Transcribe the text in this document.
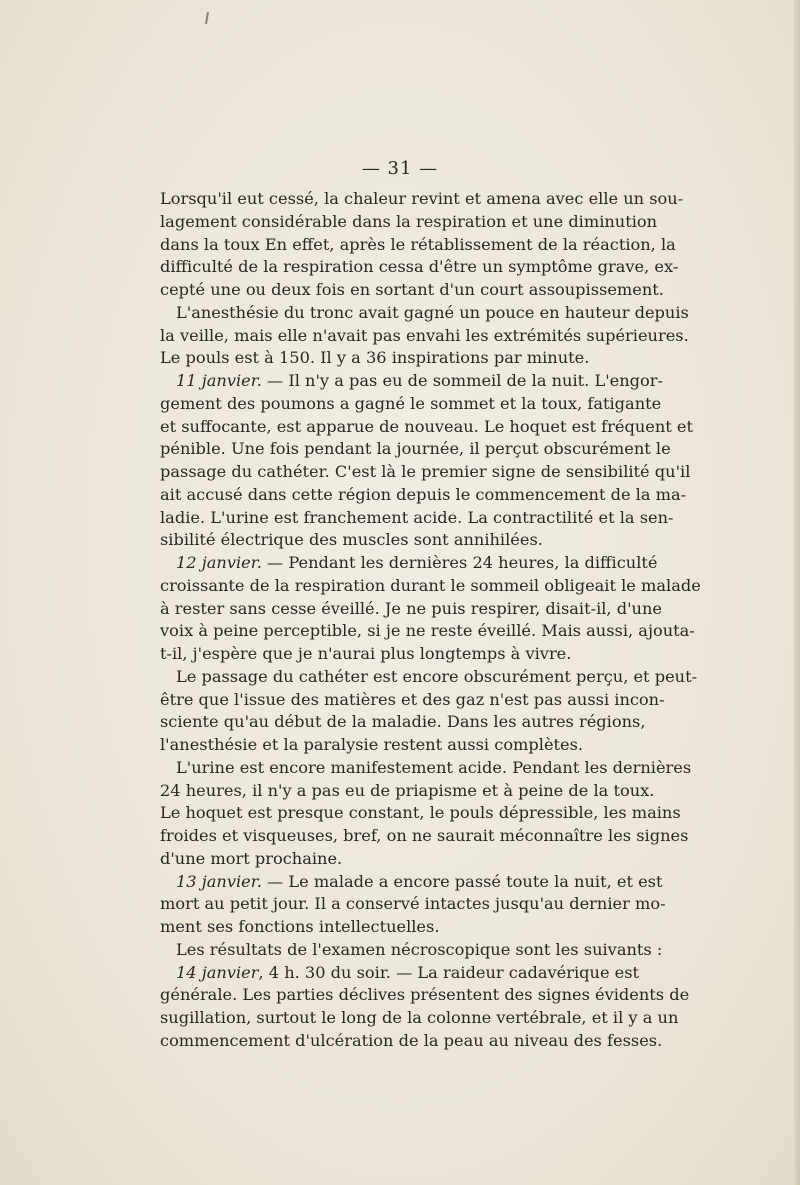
— 31 —
Lorsqu'il eut cessé, la chaleur revint et amena avec elle un sou-
lagement considérable dans la respiration et une diminution
dans la toux En effet, après le rétablissement de la réaction, la
difficulté de la respiration cessa d'être un symptôme grave, ex-
cepté une ou deux fois en sortant d'un court assoupissement.
L'anesthésie du tronc avait gagné un pouce en hauteur depuis
la veille, mais elle n'avait pas envahi les extrémités supérieures.
Le pouls est à 150. Il y a 36 inspirations par minute.
11 janvier. — Il n'y a pas eu de sommeil de la nuit. L'engor-
gement des poumons a gagné le sommet et la toux, fatigante
et suffocante, est apparue de nouveau. Le hoquet est fréquent et
pénible. Une fois pendant la journée, il perçut obscurément le
passage du cathéter. C'est là le premier signe de sensibilité qu'il
ait accusé dans cette région depuis le commencement de la ma-
ladie. L'urine est franchement acide. La contractilité et la sen-
sibilité électrique des muscles sont annihilées.
12 janvier. — Pendant les dernières 24 heures, la difficulté
croissante de la respiration durant le sommeil obligeait le malade
à rester sans cesse éveillé. Je ne puis respirer, disait-il, d'une
voix à peine perceptible, si je ne reste éveillé. Mais aussi, ajouta-
t-il, j'espère que je n'aurai plus longtemps à vivre.
Le passage du cathéter est encore obscurément perçu, et peut-
être que l'issue des matières et des gaz n'est pas aussi incon-
sciente qu'au début de la maladie. Dans les autres régions,
l'anesthésie et la paralysie restent aussi complètes.
L'urine est encore manifestement acide. Pendant les dernières
24 heures, il n'y a pas eu de priapisme et à peine de la toux.
Le hoquet est presque constant, le pouls dépressible, les mains
froides et visqueuses, bref, on ne saurait méconnaître les signes
d'une mort prochaine.
13 janvier. — Le malade a encore passé toute la nuit, et est
mort au petit jour. Il a conservé intactes jusqu'au dernier mo-
ment ses fonctions intellectuelles.
Les résultats de l'examen nécroscopique sont les suivants :
14 janvier, 4 h. 30 du soir. — La raideur cadavérique est
générale. Les parties déclives présentent des signes évidents de
sugillation, surtout le long de la colonne vertébrale, et il y a un
commencement d'ulcération de la peau au niveau des fesses.
